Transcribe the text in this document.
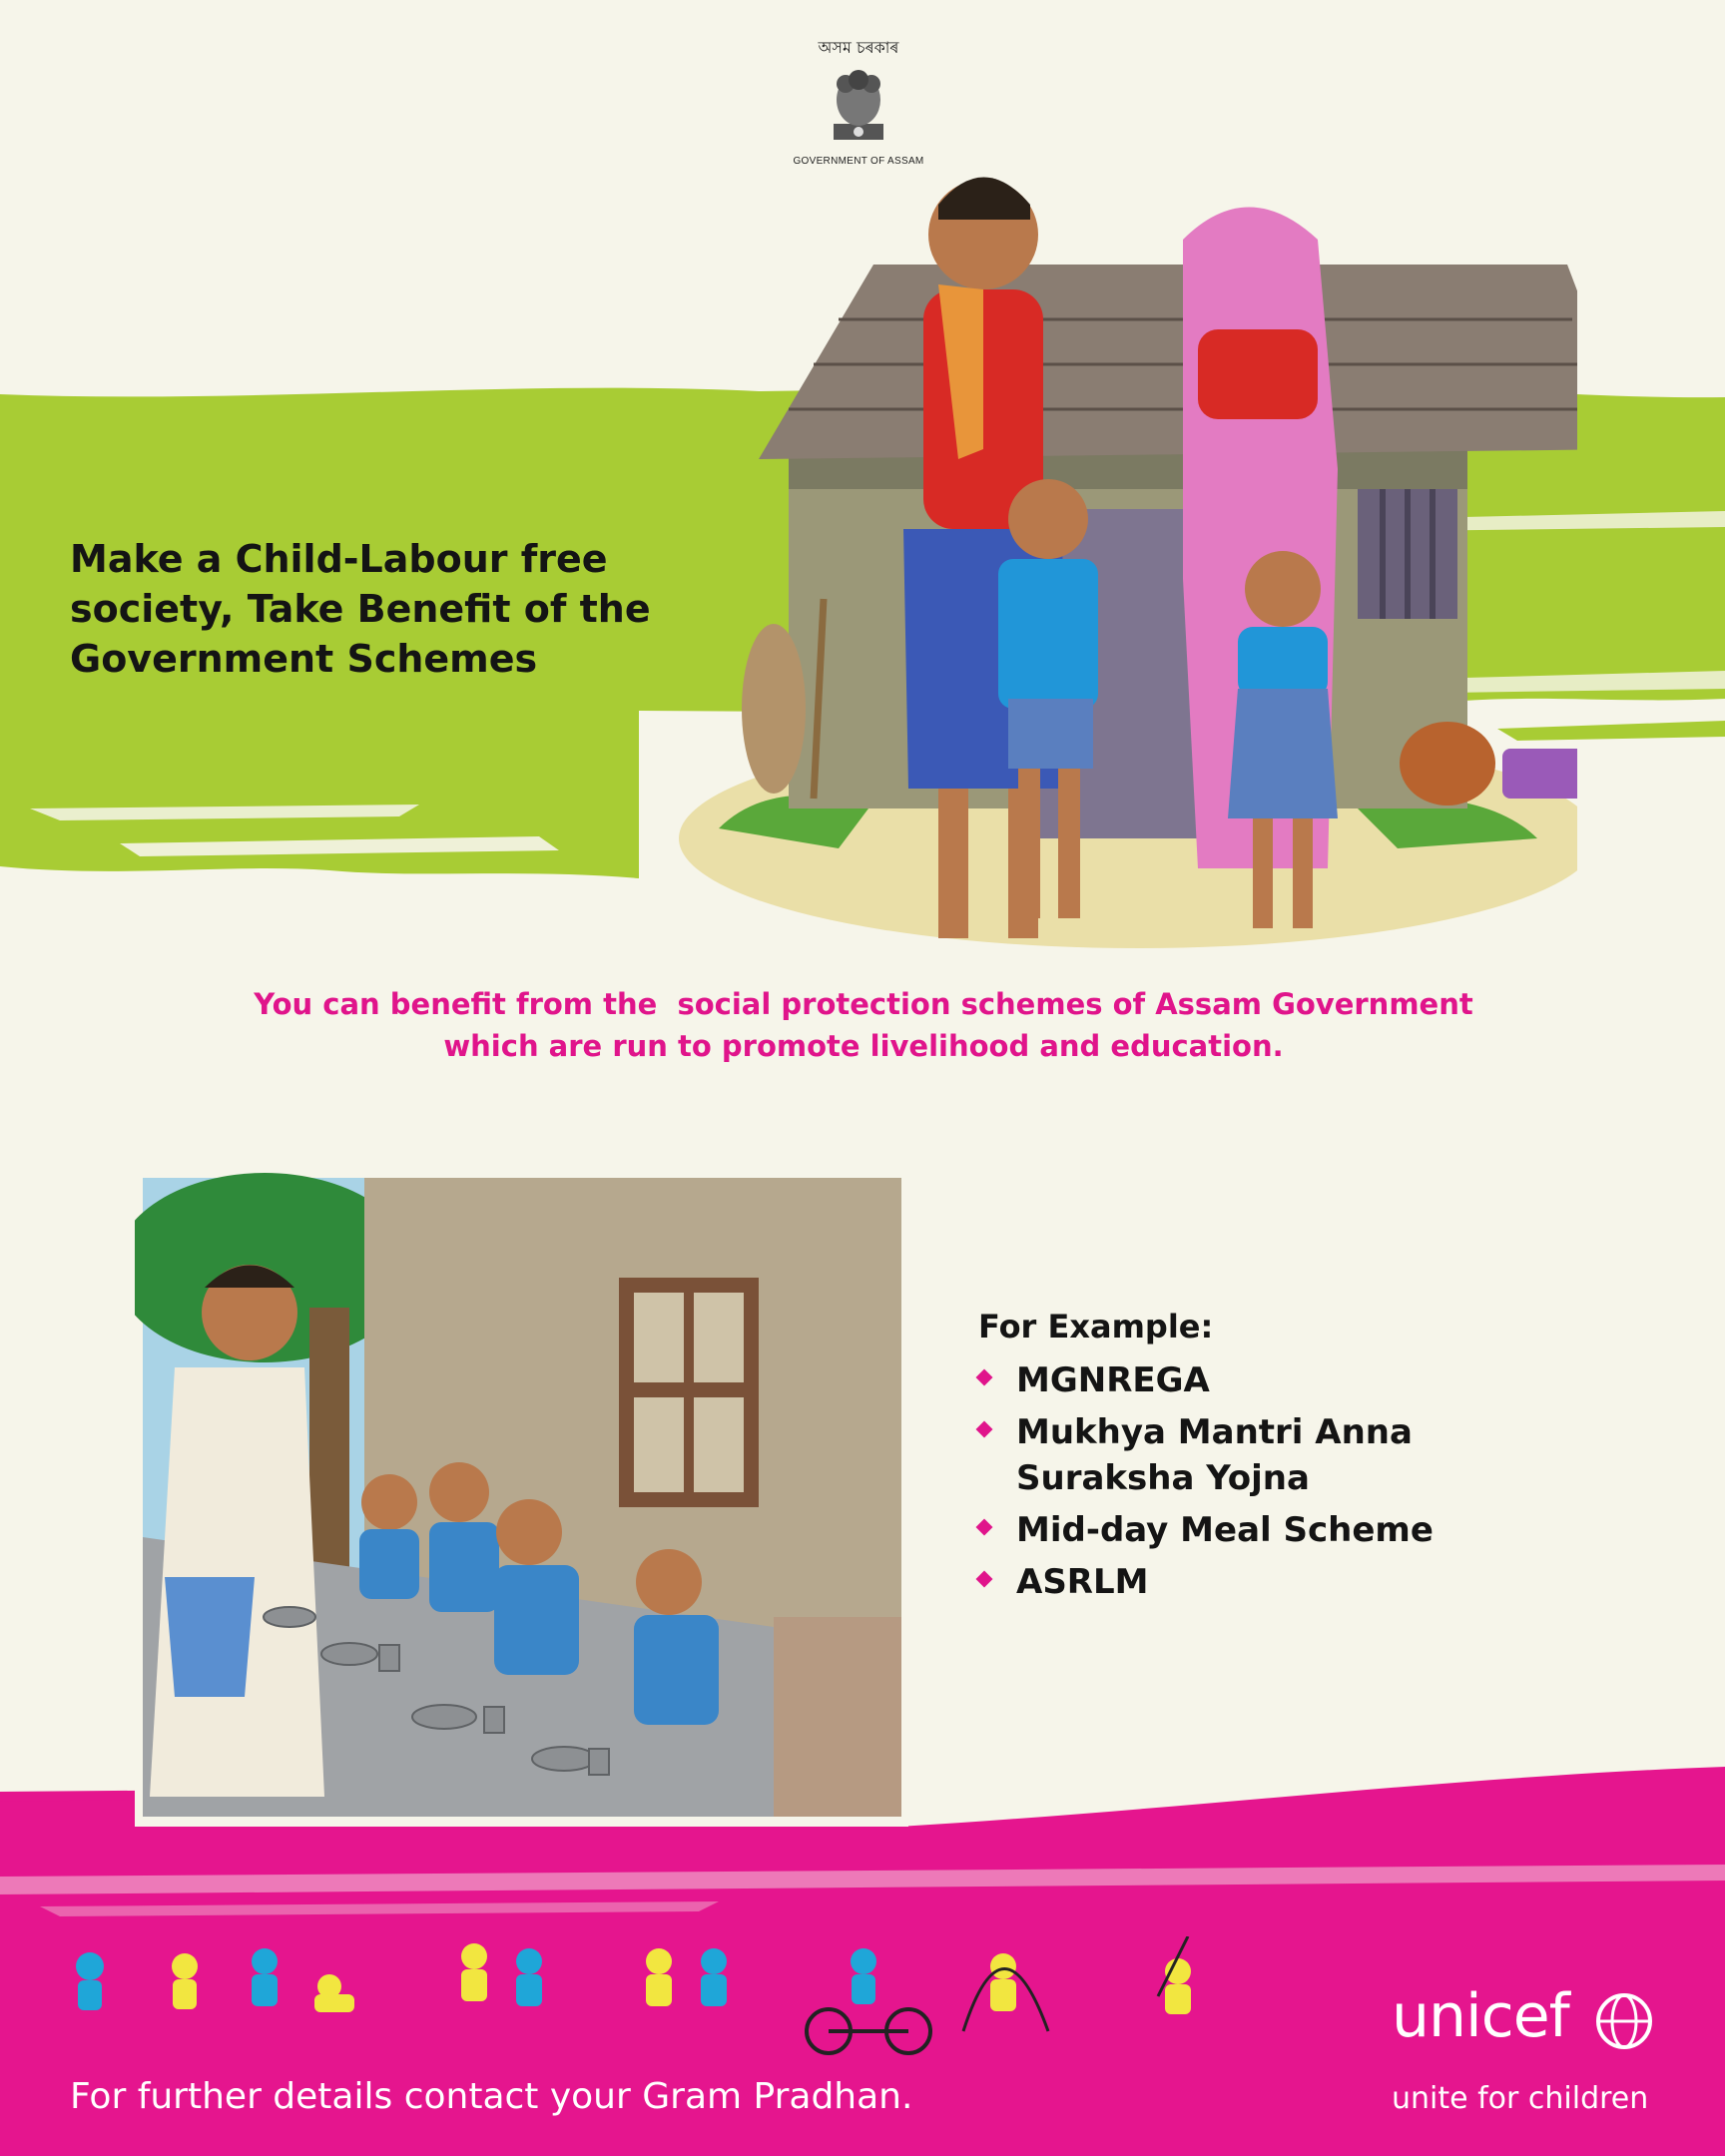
অসম চৰকাৰ
GOVERNMENT OF ASSAM
Make a Child-Labour free
society, Take Benefit of the
Government Schemes
You can benefit from the  social protection schemes of Assam Government
which are run to promote livelihood and education.
For Example:
MGNREGA
Mukhya Mantri Anna
Suraksha Yojna
Mid-day Meal Scheme
ASRLM
For further details contact your Gram Pradhan.
unicef
unite for children
